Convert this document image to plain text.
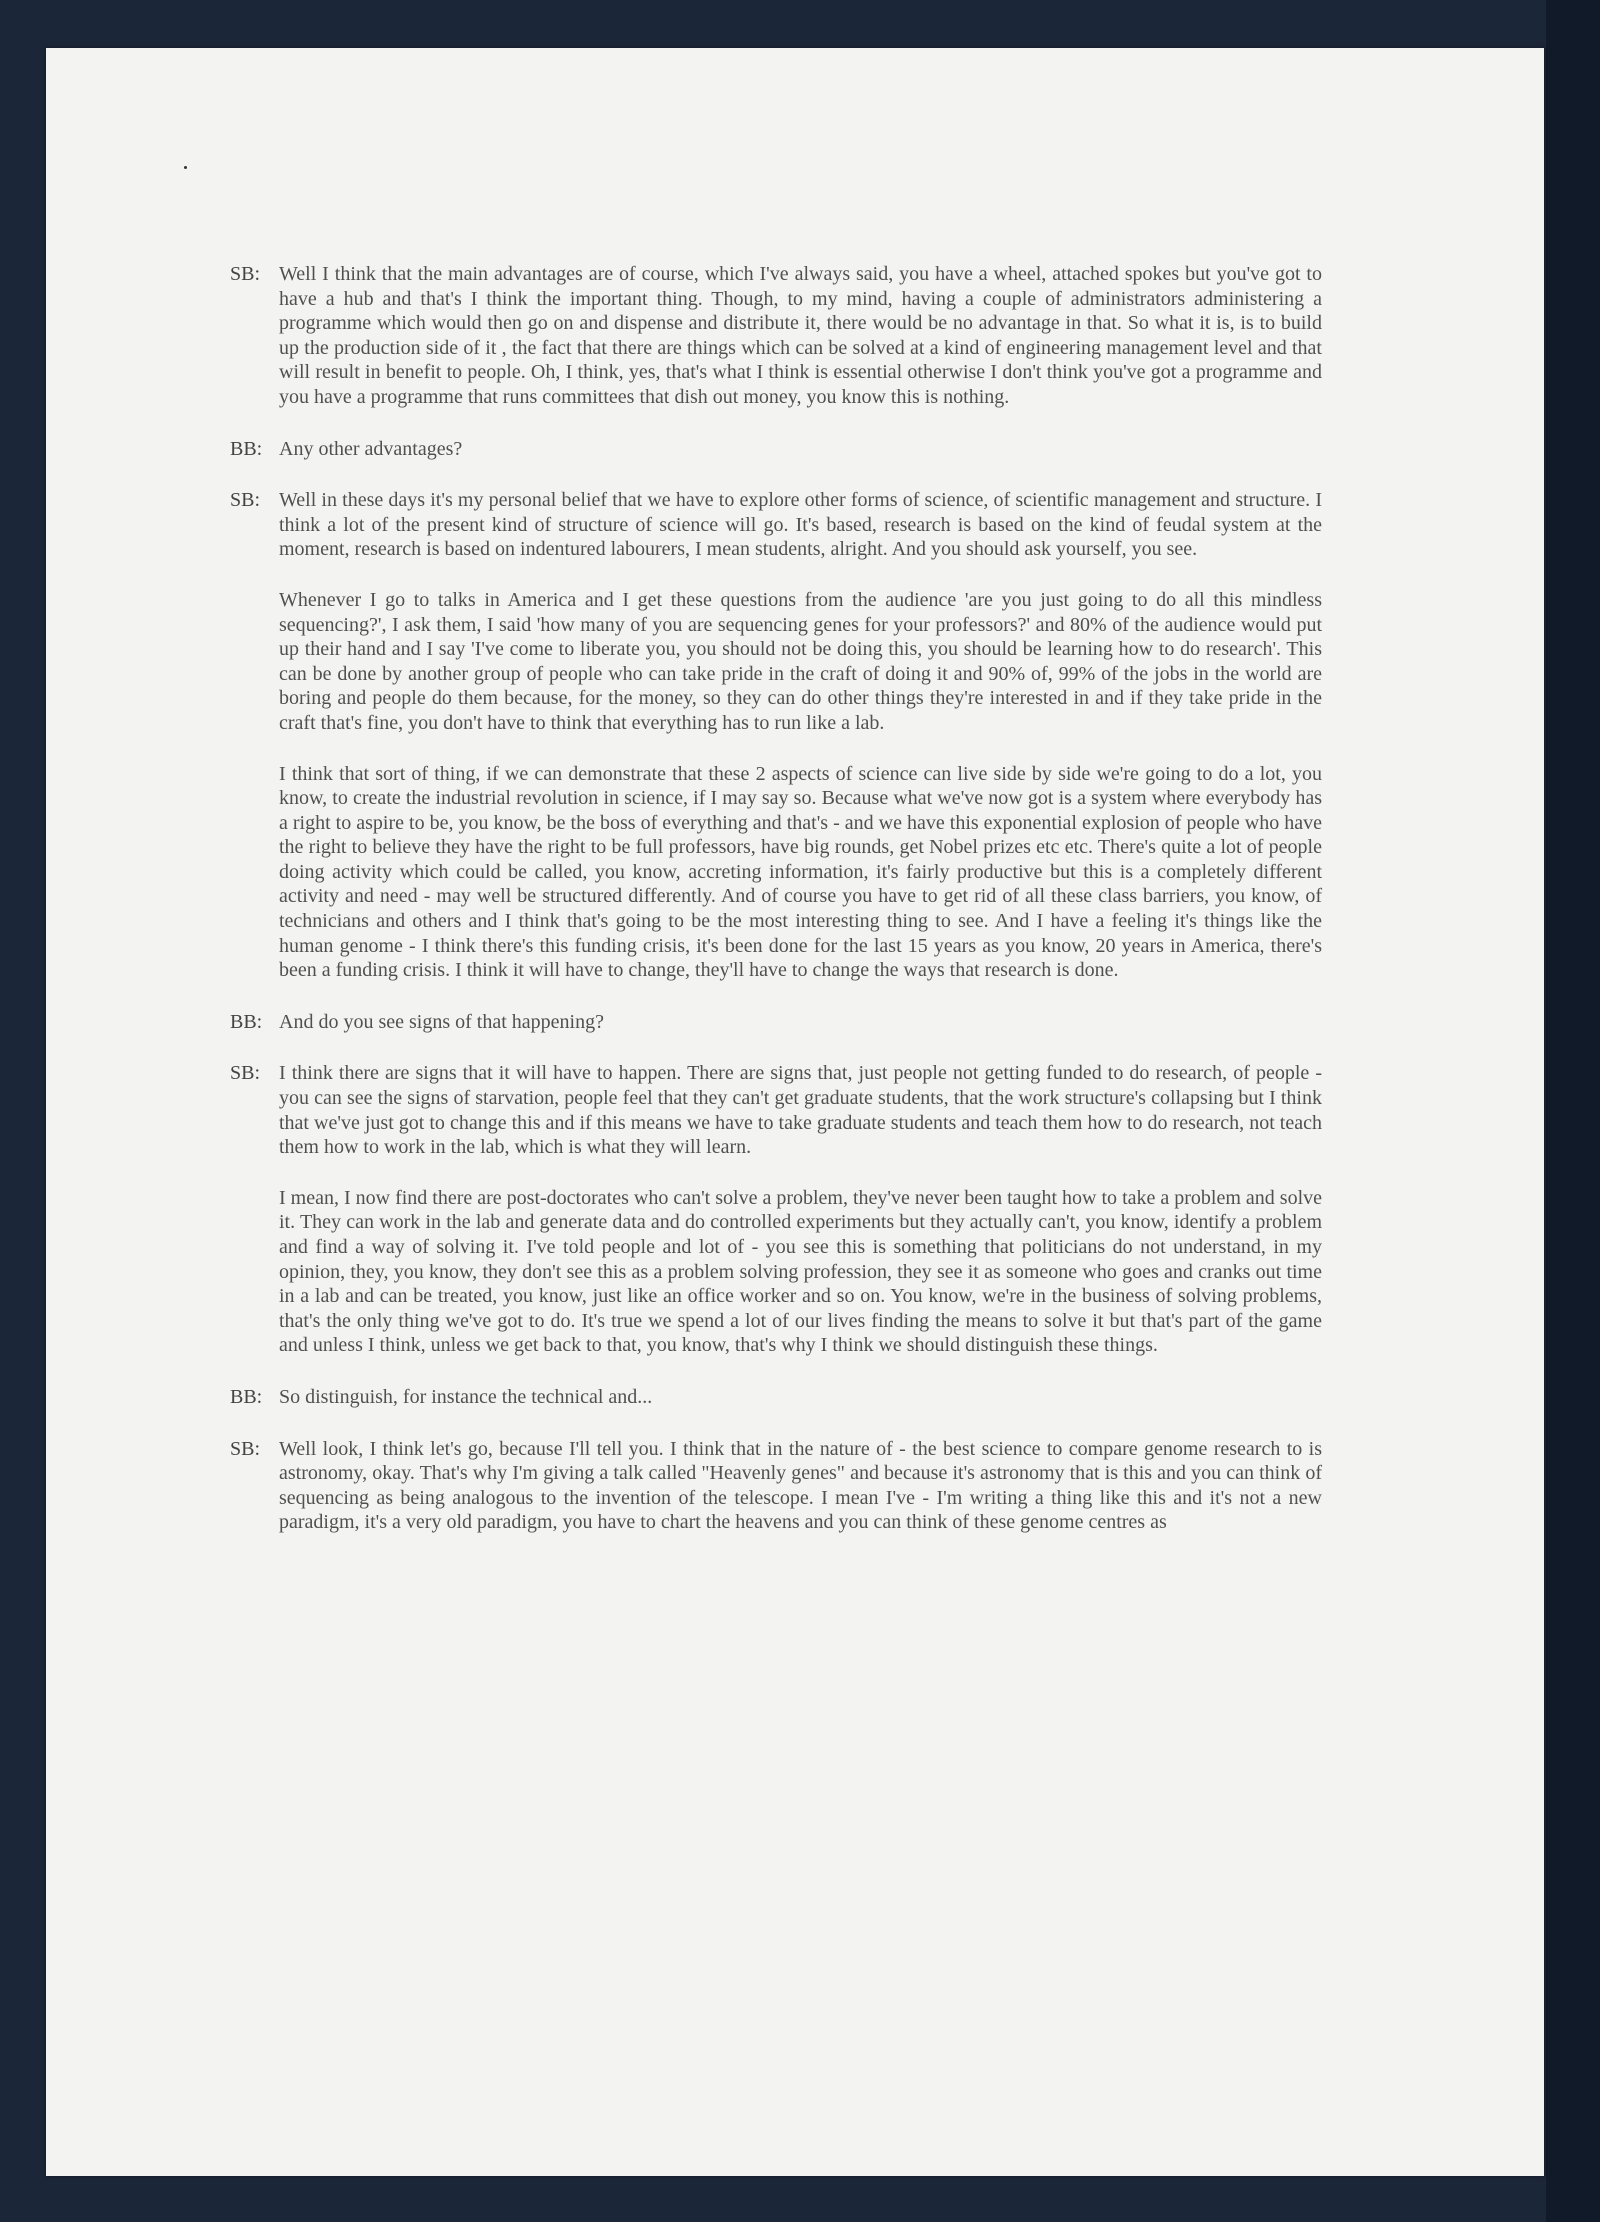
SB: Well I think that the main advantages are of course, which I've always said, you have a wheel, attached spokes but you've got to have a hub and that's I think the important thing. Though, to my mind, having a couple of administrators administering a programme which would then go on and dispense and distribute it, there would be no advantage in that. So what it is, is to build up the production side of it , the fact that there are things which can be solved at a kind of engineering management level and that will result in benefit to people. Oh, I think, yes, that's what I think is essential otherwise I don't think you've got a programme and you have a programme that runs committees that dish out money, you know this is nothing.

BB: Any other advantages?

SB: Well in these days it's my personal belief that we have to explore other forms of science, of scientific management and structure. I think a lot of the present kind of structure of science will go. It's based, research is based on the kind of feudal system at the moment, research is based on indentured labourers, I mean students, alright. And you should ask yourself, you see.

Whenever I go to talks in America and I get these questions from the audience 'are you just going to do all this mindless sequencing?', I ask them, I said 'how many of you are sequencing genes for your professors?' and 80% of the audience would put up their hand and I say 'I've come to liberate you, you should not be doing this, you should be learning how to do research'. This can be done by another group of people who can take pride in the craft of doing it and 90% of, 99% of the jobs in the world are boring and people do them because, for the money, so they can do other things they're interested in and if they take pride in the craft that's fine, you don't have to think that everything has to run like a lab.

I think that sort of thing, if we can demonstrate that these 2 aspects of science can live side by side we're going to do a lot, you know, to create the industrial revolution in science, if I may say so. Because what we've now got is a system where everybody has a right to aspire to be, you know, be the boss of everything and that's - and we have this exponential explosion of people who have the right to believe they have the right to be full professors, have big rounds, get Nobel prizes etc etc. There's quite a lot of people doing activity which could be called, you know, accreting information, it's fairly productive but this is a completely different activity and need - may well be structured differently. And of course you have to get rid of all these class barriers, you know, of technicians and others and I think that's going to be the most interesting thing to see. And I have a feeling it's things like the human genome - I think there's this funding crisis, it's been done for the last 15 years as you know, 20 years in America, there's been a funding crisis. I think it will have to change, they'll have to change the ways that research is done.

BB: And do you see signs of that happening?

SB: I think there are signs that it will have to happen. There are signs that, just people not getting funded to do research, of people - you can see the signs of starvation, people feel that they can't get graduate students, that the work structure's collapsing but I think that we've just got to change this and if this means we have to take graduate students and teach them how to do research, not teach them how to work in the lab, which is what they will learn.

I mean, I now find there are post-doctorates who can't solve a problem, they've never been taught how to take a problem and solve it. They can work in the lab and generate data and do controlled experiments but they actually can't, you know, identify a problem and find a way of solving it. I've told people and lot of - you see this is something that politicians do not understand, in my opinion, they, you know, they don't see this as a problem solving profession, they see it as someone who goes and cranks out time in a lab and can be treated, you know, just like an office worker and so on. You know, we're in the business of solving problems, that's the only thing we've got to do. It's true we spend a lot of our lives finding the means to solve it but that's part of the game and unless I think, unless we get back to that, you know, that's why I think we should distinguish these things.

BB: So distinguish, for instance the technical and...

SB: Well look, I think let's go, because I'll tell you. I think that in the nature of - the best science to compare genome research to is astronomy, okay. That's why I'm giving a talk called "Heavenly genes" and because it's astronomy that is this and you can think of sequencing as being analogous to the invention of the telescope. I mean I've - I'm writing a thing like this and it's not a new paradigm, it's a very old paradigm, you have to chart the heavens and you can think of these genome centres as
